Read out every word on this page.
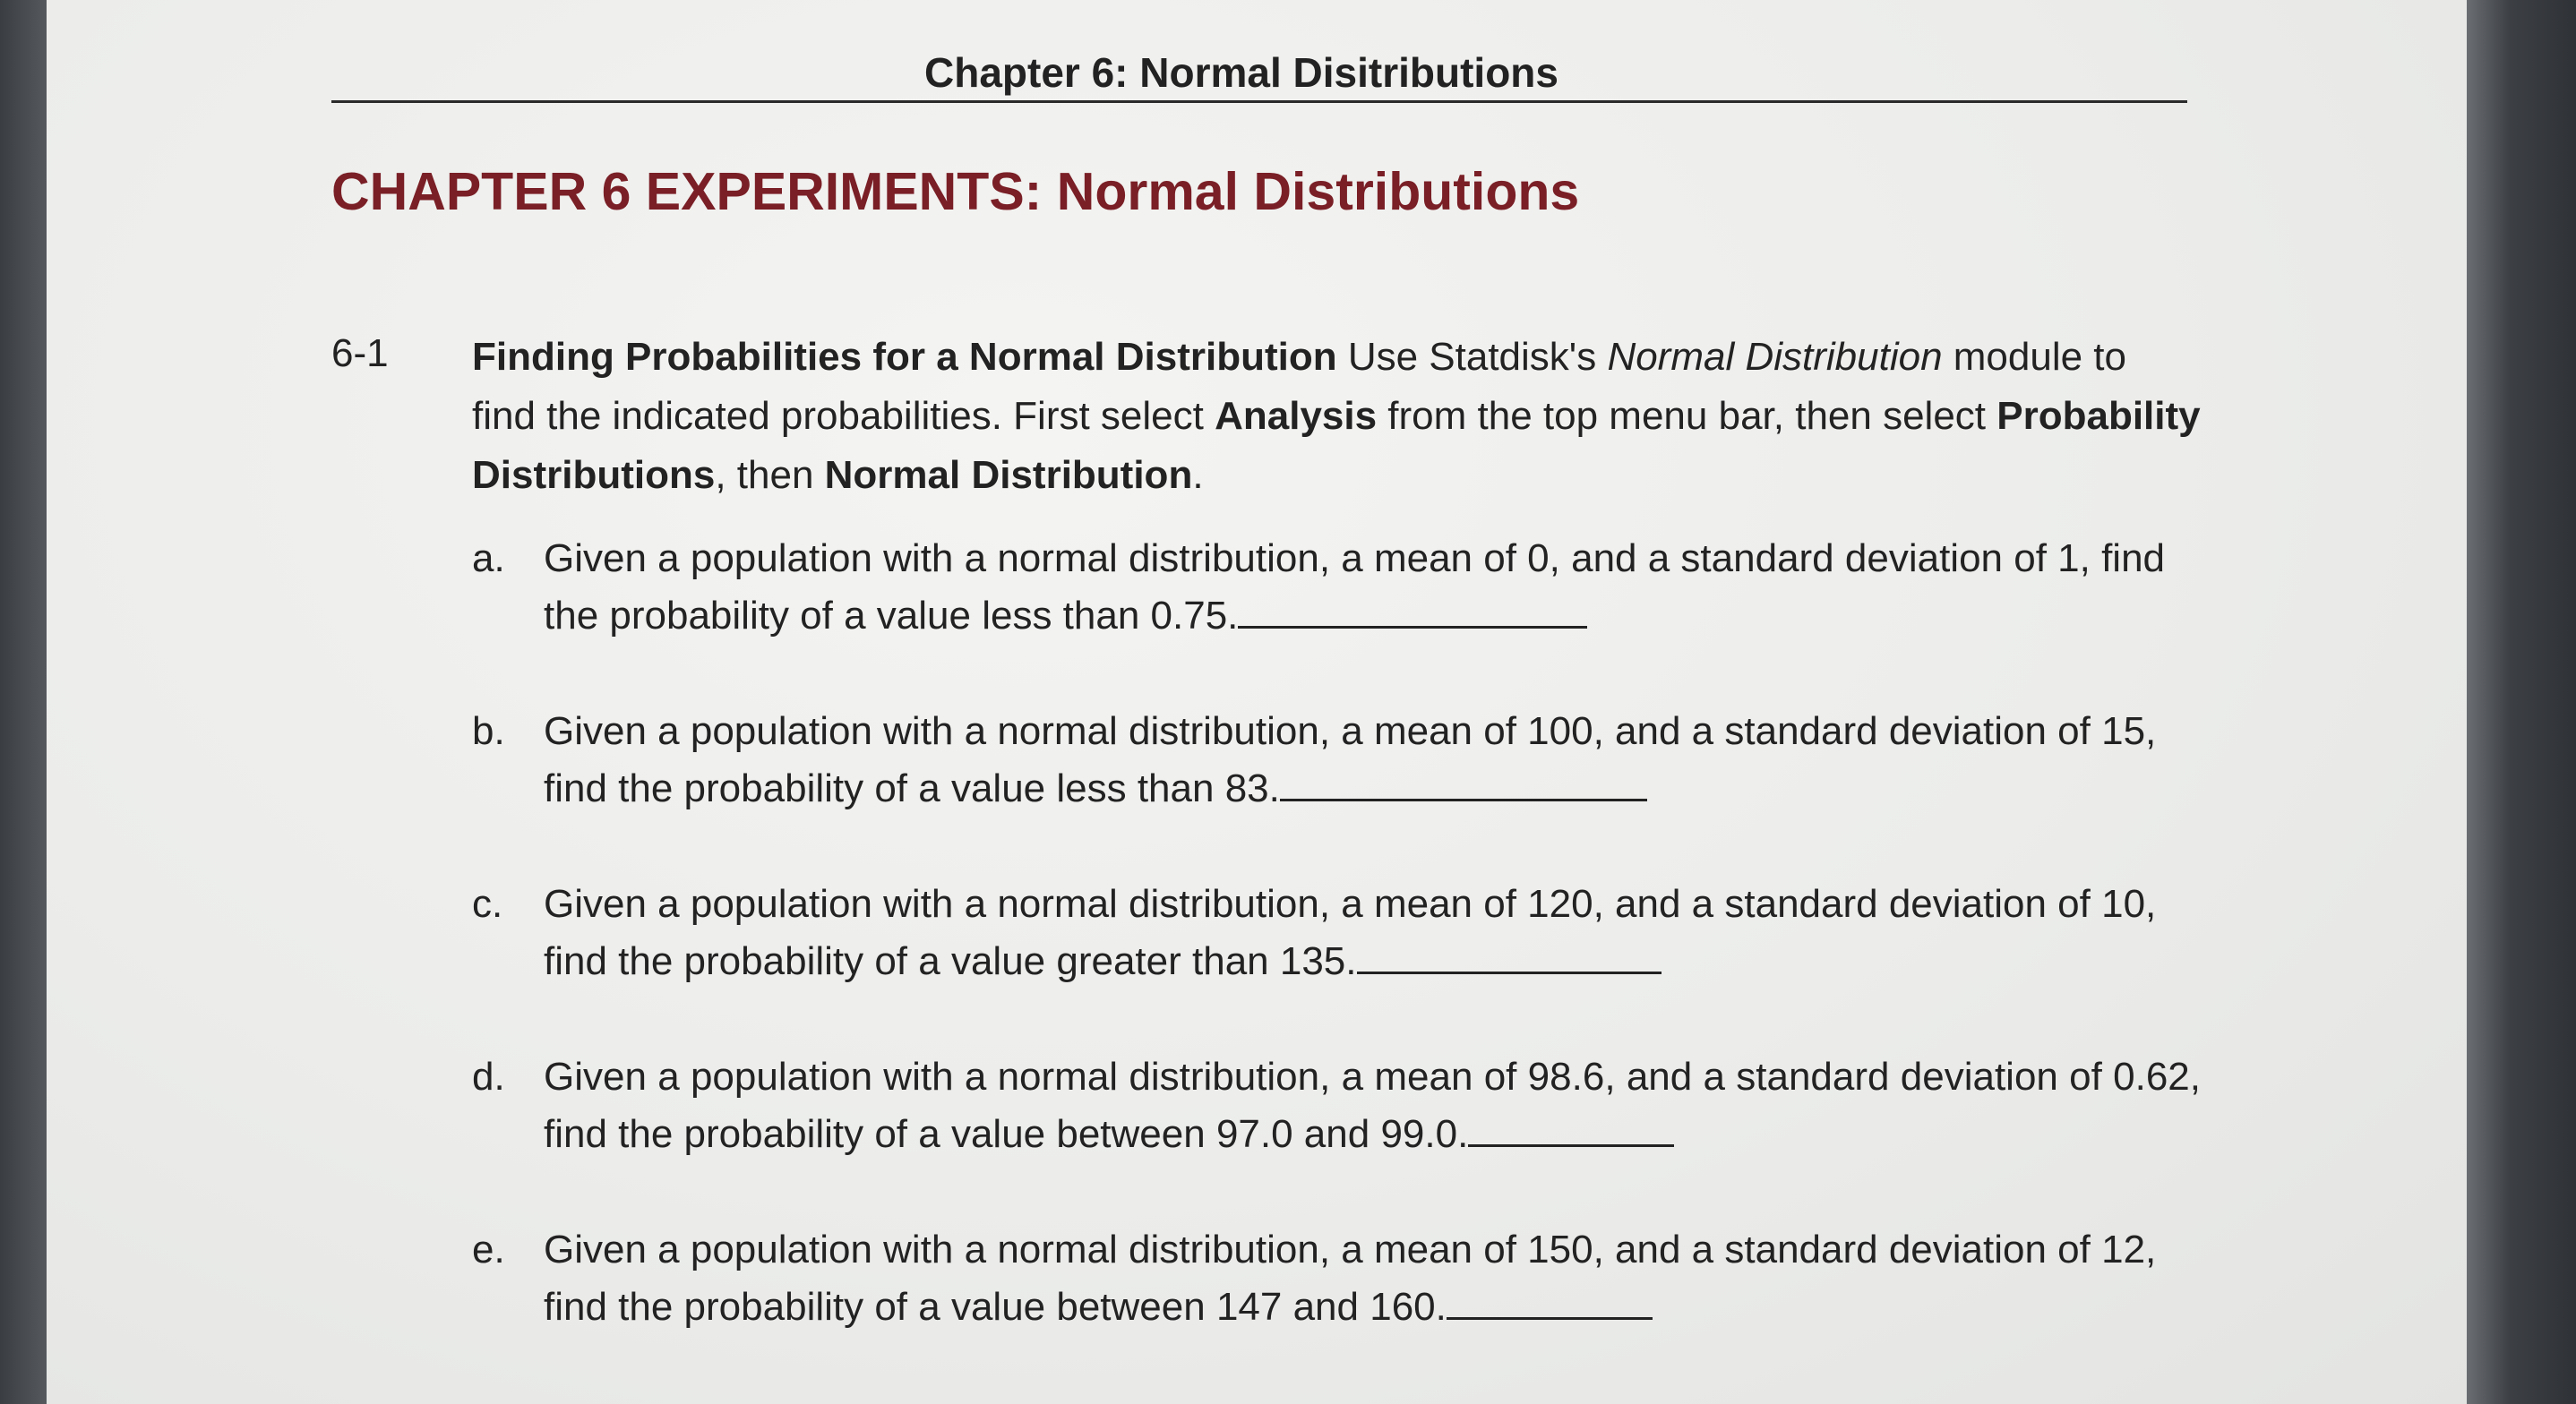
Chapter 6: Normal Disitributions
CHAPTER 6 EXPERIMENTS: Normal Distributions
6-1 Finding Probabilities for a Normal Distribution Use Statdisk's Normal Distribution module to find the indicated probabilities. First select Analysis from the top menu bar, then select Probability Distributions, then Normal Distribution.
a. Given a population with a normal distribution, a mean of 0, and a standard deviation of 1, find the probability of a value less than 0.75.
b. Given a population with a normal distribution, a mean of 100, and a standard deviation of 15, find the probability of a value less than 83.
c.	Given a population with a normal distribution, a mean of 120, and a standard deviation of 10, find the probability of a value greater than 135.
d. Given a population with a normal distribution, a mean of 98.6, and a standard deviation of 0.62, find the probability of a value between 97.0 and 99.0.
e. Given a population with a normal distribution, a mean of 150, and a standard deviation of 12, find the probability of a value between 147 and 160.
